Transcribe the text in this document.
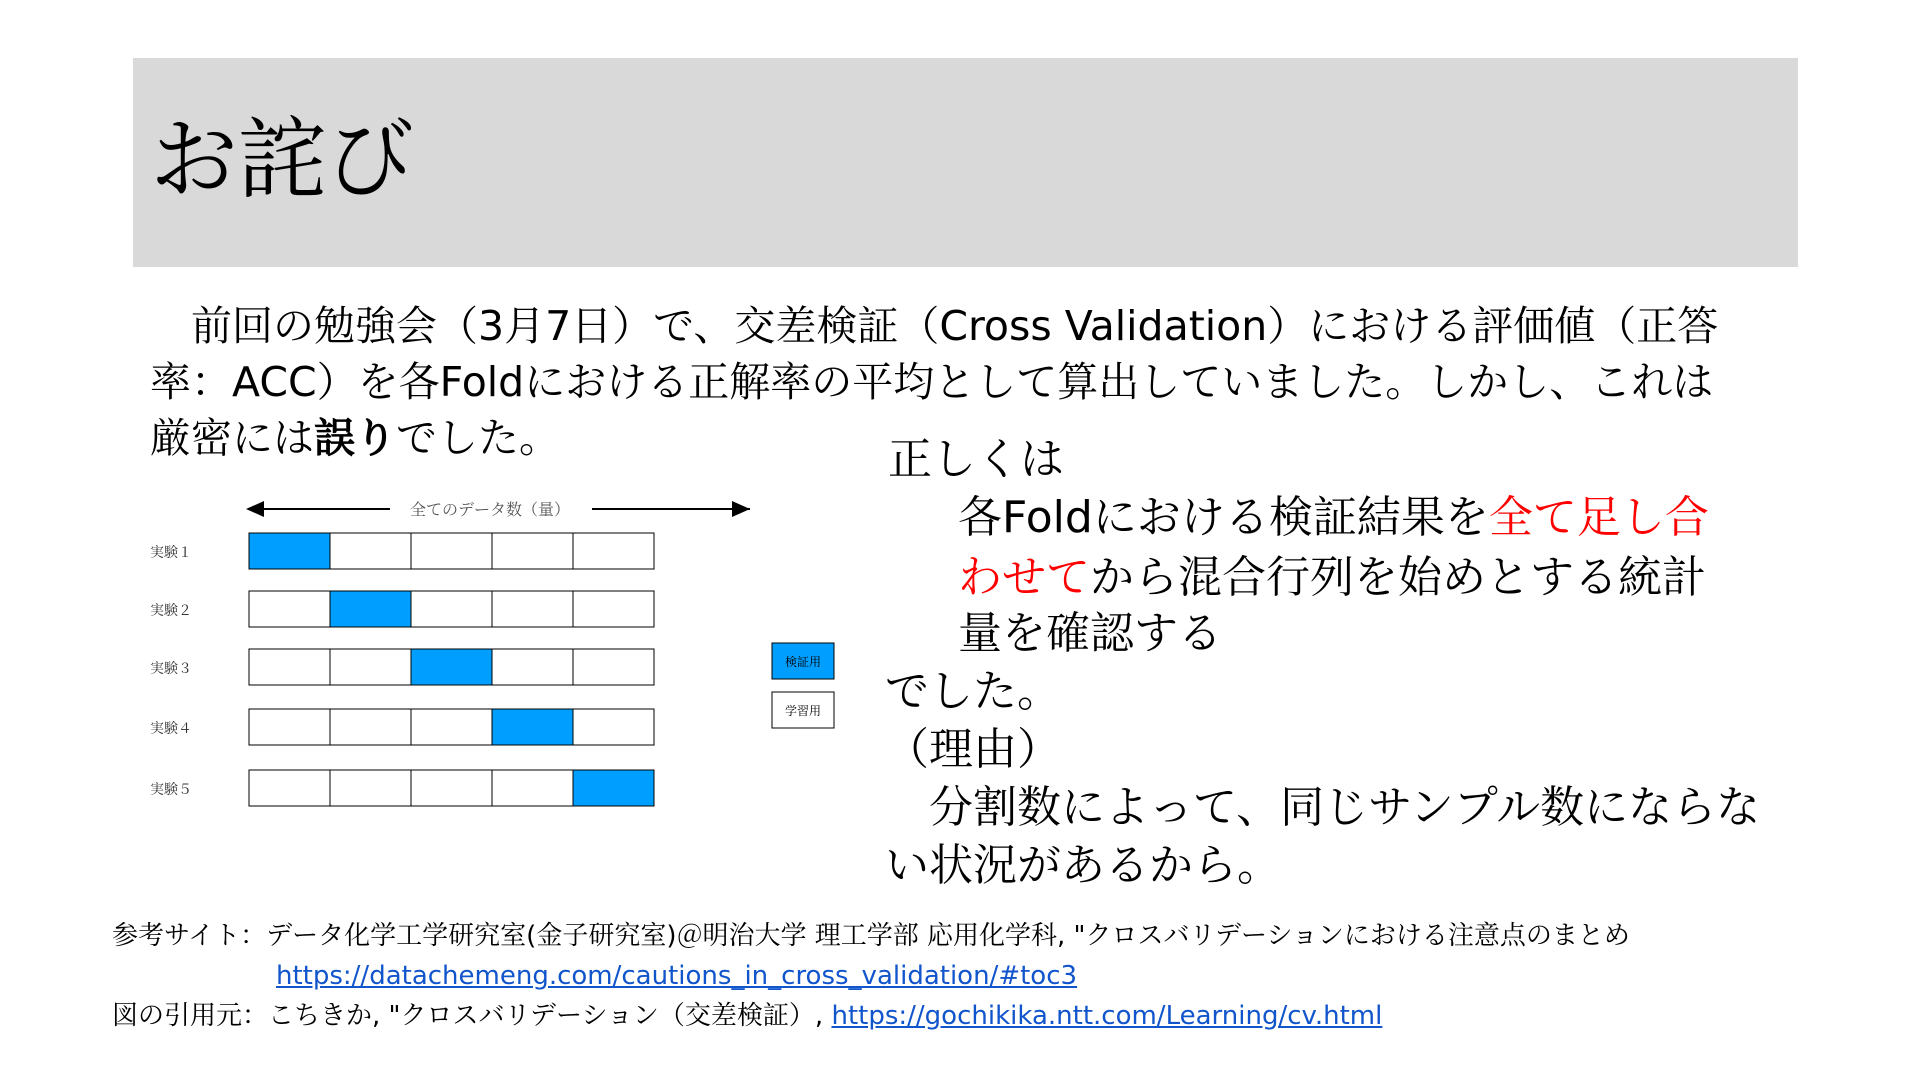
お詫び
　前回の勉強会（3月7日）で、交差検証（Cross Validation）における評価値（正答
率：ACC）を各Foldにおける正解率の平均として算出していました。しかし、これは
厳密には誤りでした。	正しくは
各Foldにおける検証結果を全て足し合
わせてから混合行列を始めとする統計
量を確認する
でした。
（理由）
　分割数によって、同じサンプル数にならな
い状況があるから。
全てのデータ数（量）
実験１
実験２
実験３
実験４
実験５
検証用
学習用
参考サイト：データ化学工学研究室(金子研究室)＠明治大学 理工学部 応用化学科, "クロスバリデーションにおける注意点のまとめ
https://datachemeng.com/cautions_in_cross_validation/#toc3
図の引用元：こちきか, "クロスバリデーション（交差検証）, https://gochikika.ntt.com/Learning/cv.html
